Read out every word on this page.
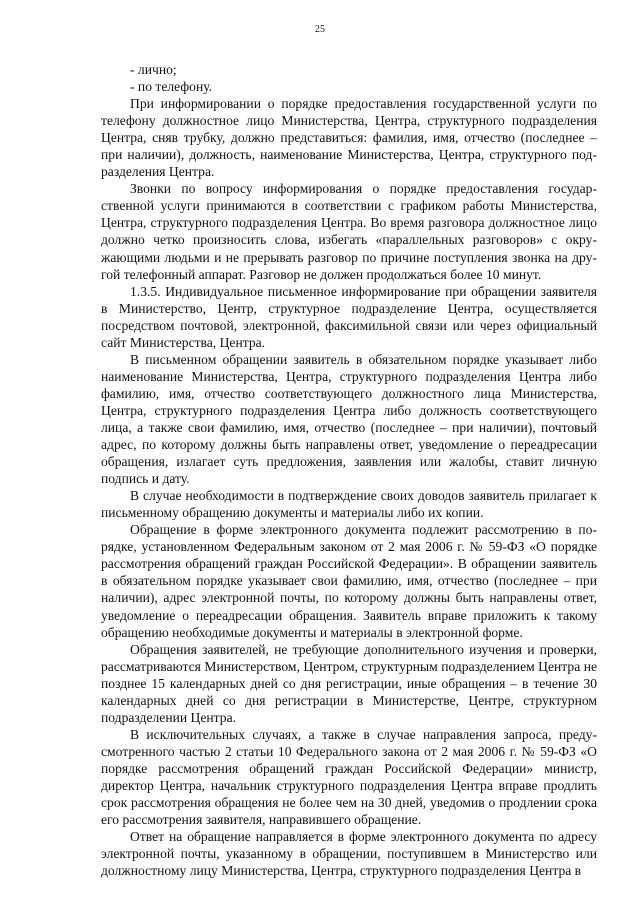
25

- лично;

- по телефону.

При информировании о порядке предоставления государственной услуги по телефону должностное лицо Министерства, Центра, структурного подразделения Центра, сняв трубку, должно представиться: фамилия, имя, отчество (последнее – при наличии), должность, наименование Министерства, Центра, структурного подразделения Центра.

Звонки по вопросу информирования о порядке предоставления государственной услуги принимаются в соответствии с графиком работы Министерства, Центра, структурного подразделения Центра. Во время разговора должностное лицо должно четко произносить слова, избегать «параллельных разговоров» с окружающими людьми и не прерывать разговор по причине поступления звонка на другой телефонный аппарат. Разговор не должен продолжаться более 10 минут.

1.3.5. Индивидуальное письменное информирование при обращении заявителя в Министерство, Центр, структурное подразделение Центра, осуществляется посредством почтовой, электронной, факсимильной связи или через официальный сайт Министерства, Центра.

В письменном обращении заявитель в обязательном порядке указывает либо наименование Министерства, Центра, структурного подразделения Центра либо фамилию, имя, отчество соответствующего должностного лица Министерства, Центра, структурного подразделения Центра либо должность соответствующего лица, а также свои фамилию, имя, отчество (последнее – при наличии), почтовый адрес, по которому должны быть направлены ответ, уведомление о переадресации обращения, излагает суть предложения, заявления или жалобы, ставит личную подпись и дату.

В случае необходимости в подтверждение своих доводов заявитель прилагает к письменному обращению документы и материалы либо их копии.

Обращение в форме электронного документа подлежит рассмотрению в порядке, установленном Федеральным законом от 2 мая 2006 г. № 59-ФЗ «О порядке рассмотрения обращений граждан Российской Федерации». В обращении заявитель в обязательном порядке указывает свои фамилию, имя, отчество (последнее – при наличии), адрес электронной почты, по которому должны быть направлены ответ, уведомление о переадресации обращения. Заявитель вправе приложить к такому обращению необходимые документы и материалы в электронной форме.

Обращения заявителей, не требующие дополнительного изучения и проверки, рассматриваются Министерством, Центром, структурным подразделением Центра не позднее 15 календарных дней со дня регистрации, иные обращения – в течение 30 календарных дней со дня регистрации в Министерстве, Центре, структурном подразделении Центра.

В исключительных случаях, а также в случае направления запроса, предусмотренного частью 2 статьи 10 Федерального закона от 2 мая 2006 г. № 59-ФЗ «О порядке рассмотрения обращений граждан Российской Федерации» министр, директор Центра, начальник структурного подразделения Центра вправе продлить срок рассмотрения обращения не более чем на 30 дней, уведомив о продлении срока его рассмотрения заявителя, направившего обращение.

Ответ на обращение направляется в форме электронного документа по адресу электронной почты, указанному в обращении, поступившем в Министерство или должностному лицу Министерства, Центра, структурного подразделения Центра в
